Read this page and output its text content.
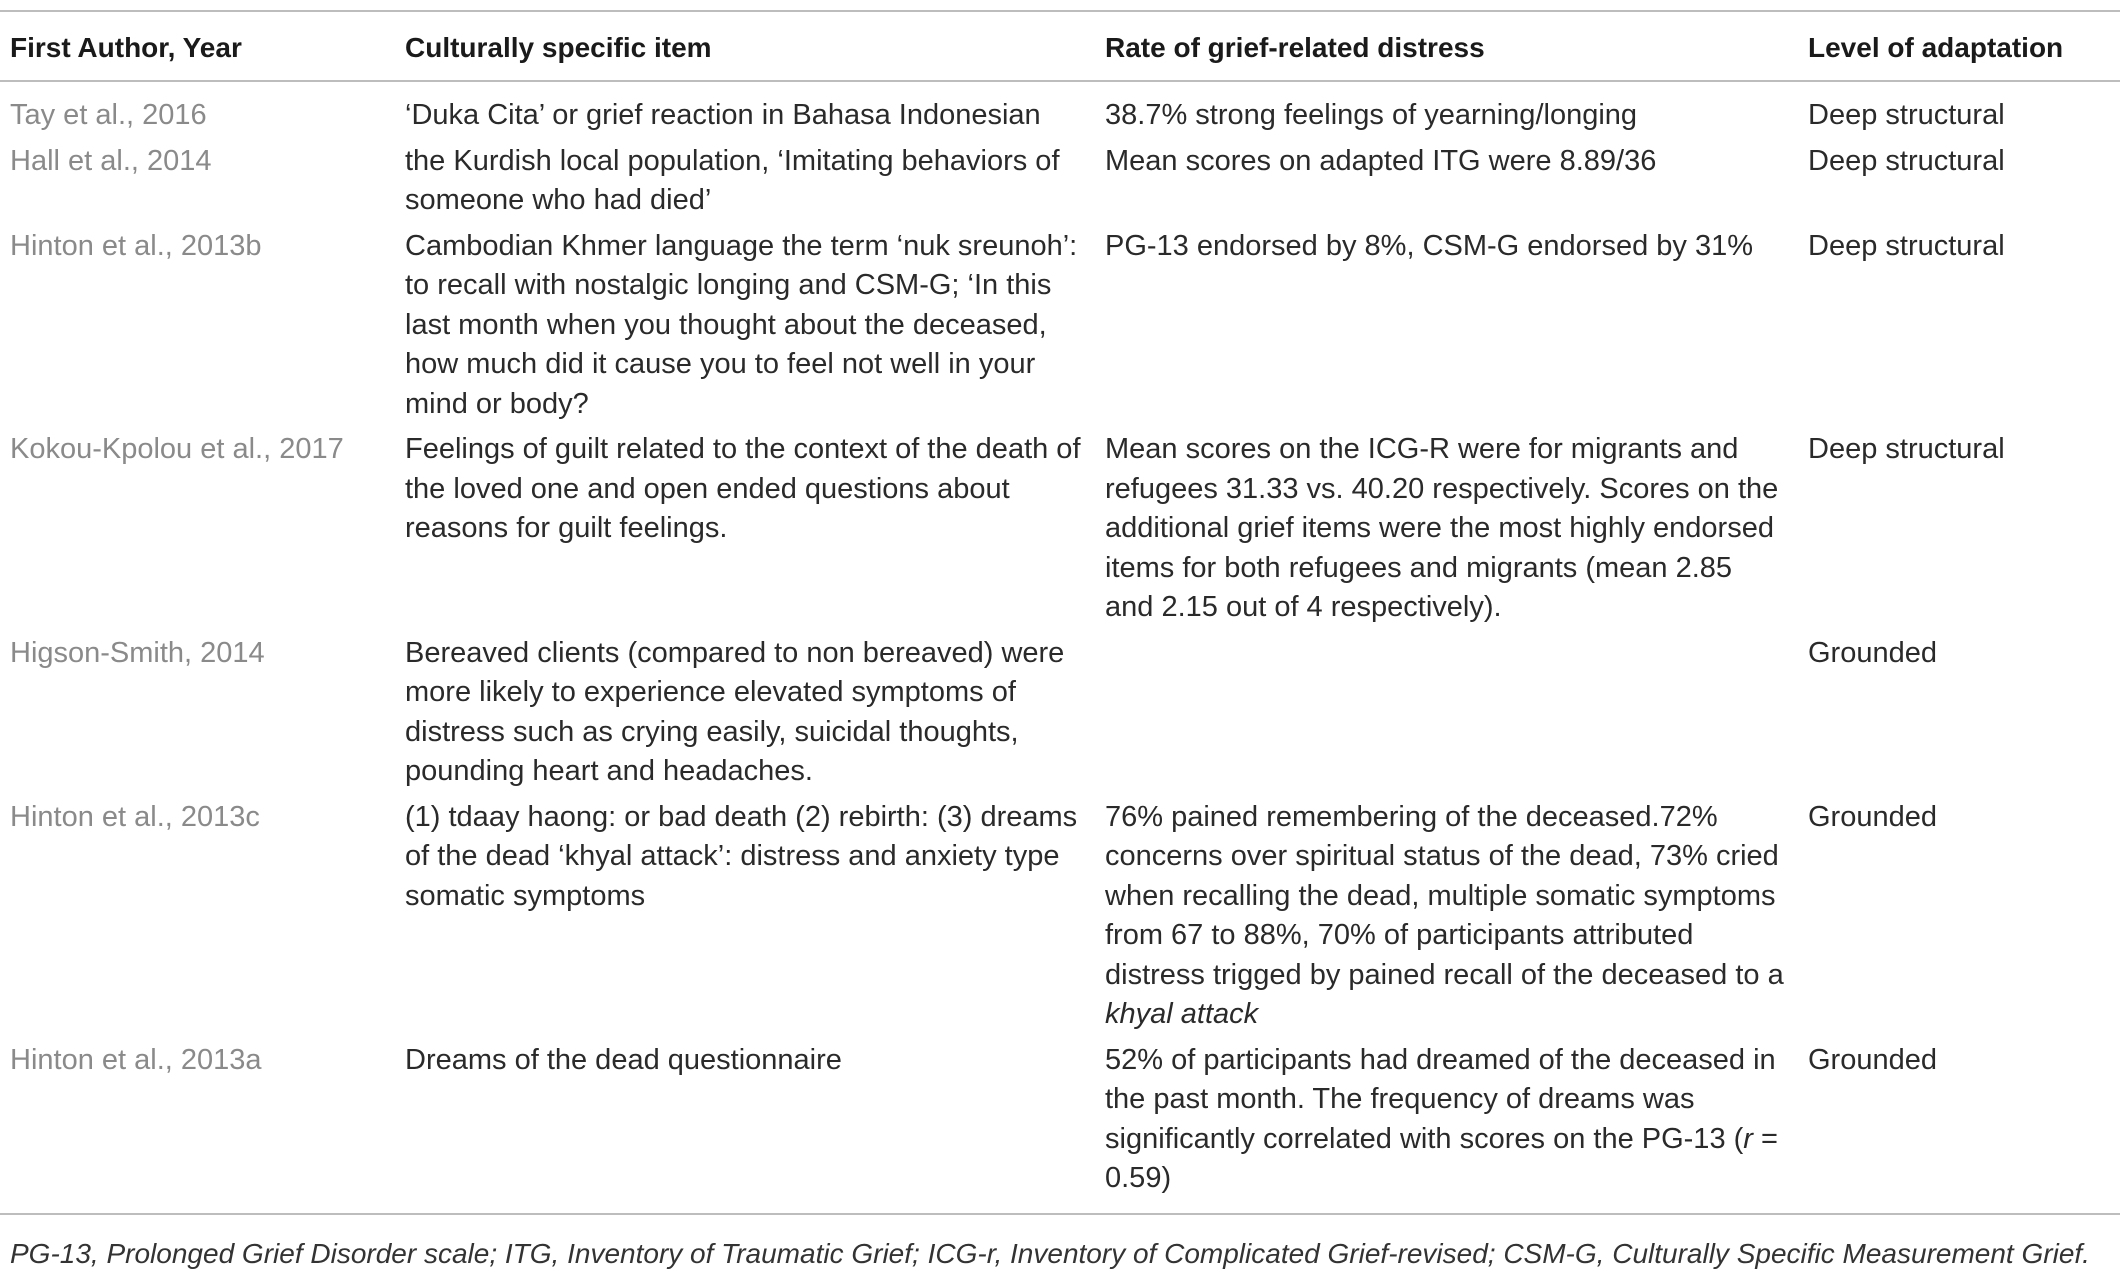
First Author, Year	Culturally specific item	Rate of grief-related distress	Level of adaptation
Tay et al., 2016	‘Duka Cita’ or grief reaction in Bahasa Indonesian	38.7% strong feelings of yearning/longing	Deep structural
Hall et al., 2014	the Kurdish local population, ‘Imitating behaviors of someone who had died’	Mean scores on adapted ITG were 8.89/36	Deep structural
Hinton et al., 2013b	Cambodian Khmer language the term ‘nuk sreunoh’: to recall with nostalgic longing and CSM-G; ‘In this last month when you thought about the deceased, how much did it cause you to feel not well in your mind or body?	PG-13 endorsed by 8%, CSM-G endorsed by 31%	Deep structural
Kokou-Kpolou et al., 2017	Feelings of guilt related to the context of the death of the loved one and open ended questions about reasons for guilt feelings.	Mean scores on the ICG-R were for migrants and refugees 31.33 vs. 40.20 respectively. Scores on the additional grief items were the most highly endorsed items for both refugees and migrants (mean 2.85 and 2.15 out of 4 respectively).	Deep structural
Higson-Smith, 2014	Bereaved clients (compared to non bereaved) were more likely to experience elevated symptoms of distress such as crying easily, suicidal thoughts, pounding heart and headaches.		Grounded
Hinton et al., 2013c	(1) tdaay haong: or bad death (2) rebirth: (3) dreams of the dead ‘khyal attack’: distress and anxiety type somatic symptoms	76% pained remembering of the deceased.72% concerns over spiritual status of the dead, 73% cried when recalling the dead, multiple somatic symptoms from 67 to 88%, 70% of participants attributed distress trigged by pained recall of the deceased to a khyal attack	Grounded
Hinton et al., 2013a	Dreams of the dead questionnaire	52% of participants had dreamed of the deceased in the past month. The frequency of dreams was significantly correlated with scores on the PG-13 (r = 0.59)	Grounded
PG-13, Prolonged Grief Disorder scale; ITG, Inventory of Traumatic Grief; ICG-r, Inventory of Complicated Grief-revised; CSM-G, Culturally Specific Measurement Grief.
